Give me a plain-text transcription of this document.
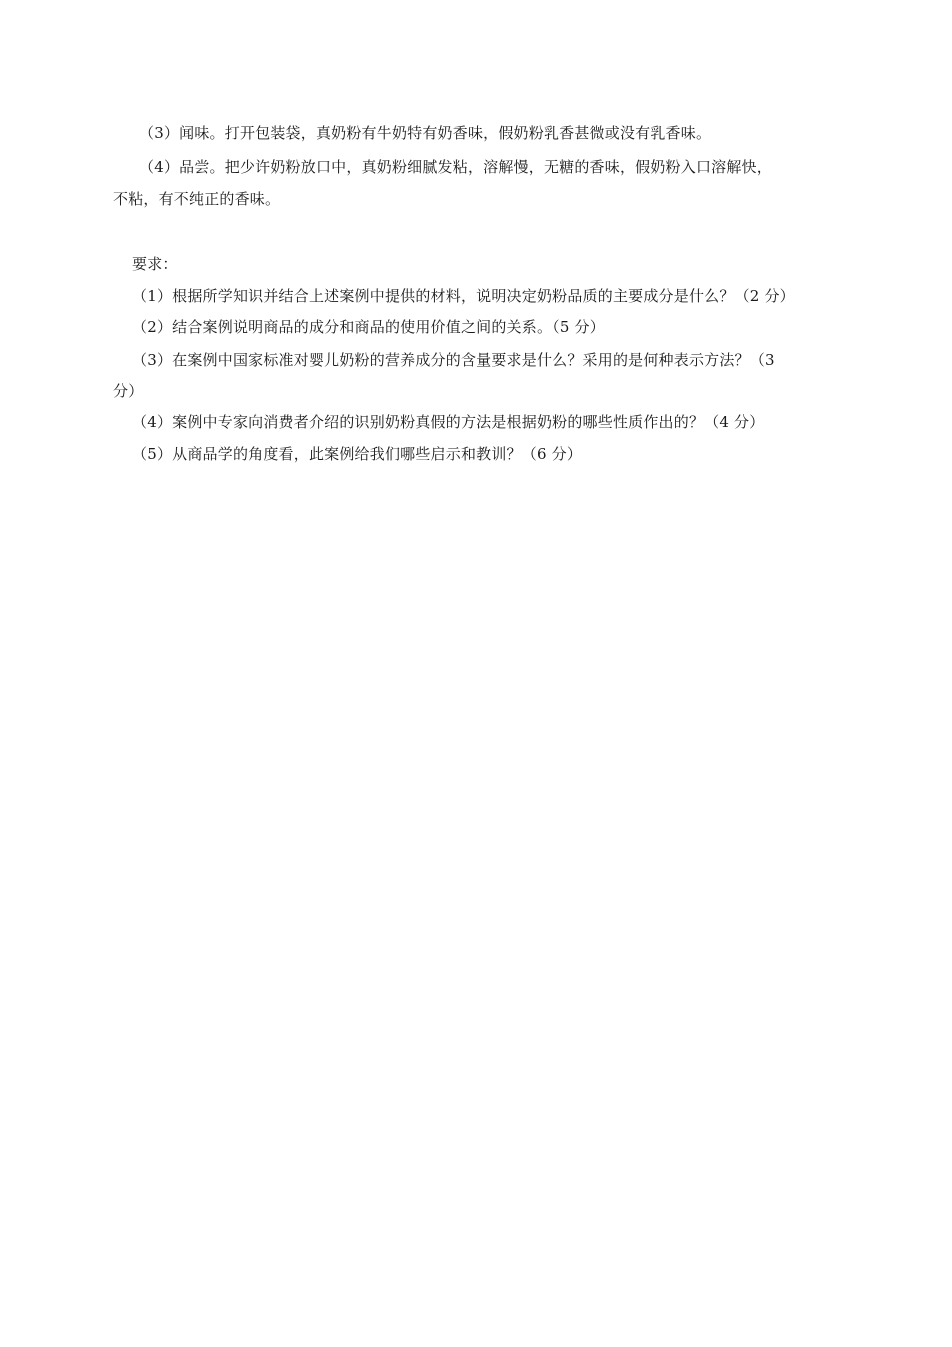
（3）闻味。打开包装袋，真奶粉有牛奶特有奶香味，假奶粉乳香甚微或没有乳香味。
（4）品尝。把少许奶粉放口中，真奶粉细腻发粘，溶解慢，无糖的香味，假奶粉入口溶解快，
不粘，有不纯正的香味。
要求：
（1）根据所学知识并结合上述案例中提供的材料，说明决定奶粉品质的主要成分是什么？（2 分）
（2）结合案例说明商品的成分和商品的使用价值之间的关系。（5 分）
（3）在案例中国家标准对婴儿奶粉的营养成分的含量要求是什么？采用的是何种表示方法？（3
分）
（4）案例中专家向消费者介绍的识别奶粉真假的方法是根据奶粉的哪些性质作出的？（4 分）
（5）从商品学的角度看，此案例给我们哪些启示和教训？（6 分）
